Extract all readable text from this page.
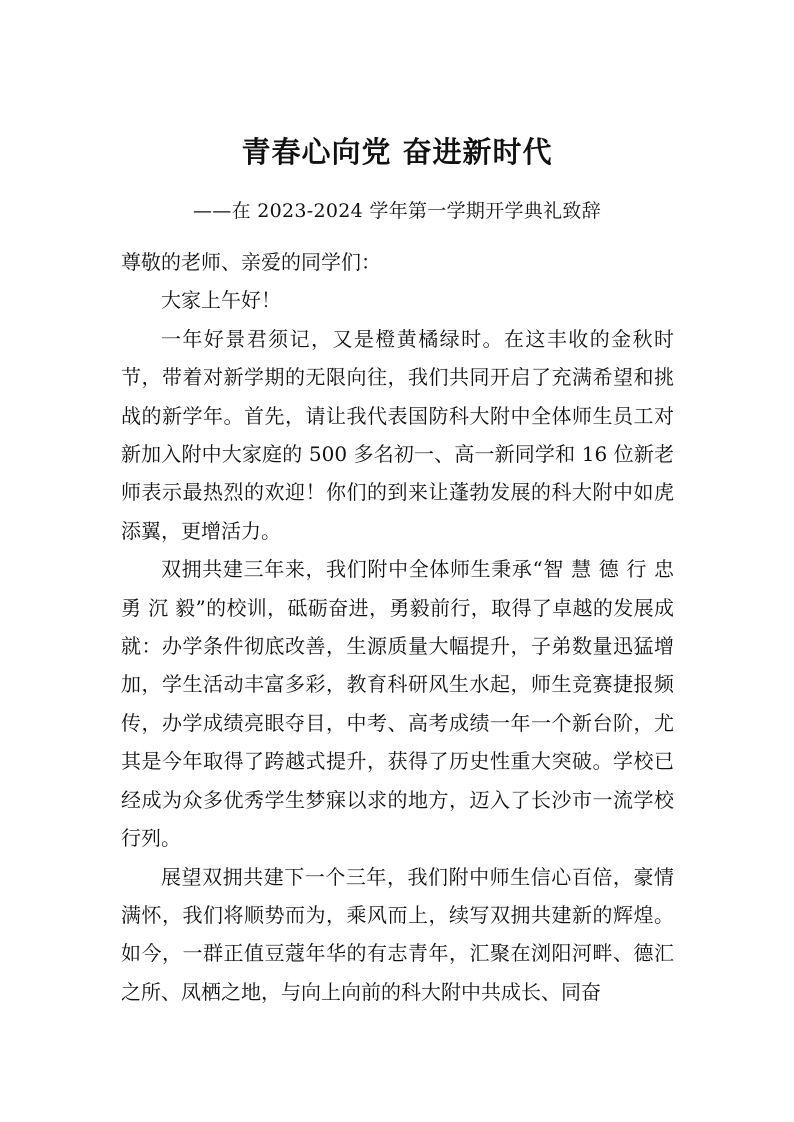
青春心向党 奋进新时代

——在 2023-2024 学年第一学期开学典礼致辞

尊敬的老师、亲爱的同学们：

大家上午好！

一年好景君须记，又是橙黄橘绿时。在这丰收的金秋时节，带着对新学期的无限向往，我们共同开启了充满希望和挑战的新学年。首先，请让我代表国防科大附中全体师生员工对新加入附中大家庭的 500 多名初一、高一新同学和 16 位新老师表示最热烈的欢迎！你们的到来让蓬勃发展的科大附中如虎添翼，更增活力。

双拥共建三年来，我们附中全体师生秉承“智 慧 德 行 忠 勇 沉 毅”的校训，砥砺奋进，勇毅前行，取得了卓越的发展成就：办学条件彻底改善，生源质量大幅提升，子弟数量迅猛增加，学生活动丰富多彩，教育科研风生水起，师生竞赛捷报频传，办学成绩亮眼夺目，中考、高考成绩一年一个新台阶，尤其是今年取得了跨越式提升，获得了历史性重大突破。学校已经成为众多优秀学生梦寐以求的地方，迈入了长沙市一流学校行列。

展望双拥共建下一个三年，我们附中师生信心百倍，豪情满怀，我们将顺势而为，乘风而上，续写双拥共建新的辉煌。如今，一群正值豆蔻年华的有志青年，汇聚在浏阳河畔、德汇之所、凤栖之地，与向上向前的科大附中共成长、同奋
